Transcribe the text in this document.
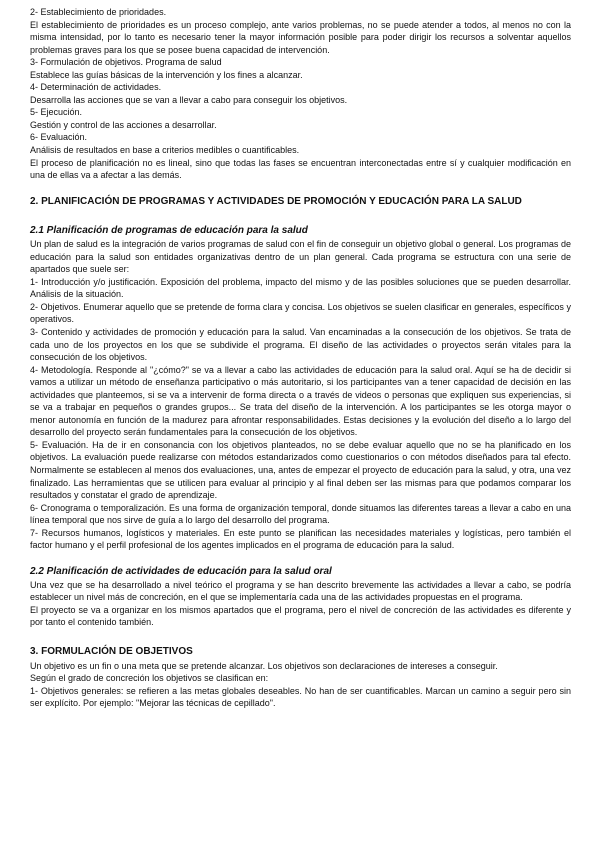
2- Establecimiento de prioridades.

El establecimiento de prioridades es un proceso complejo, ante varios problemas, no se puede atender a todos, al menos no con la misma intensidad, por lo tanto es necesario tener la mayor información posible para poder dirigir los recursos a solventar aquellos problemas graves para los que se posee buena capacidad de intervención.

3- Formulación de objetivos. Programa de salud

Establece las guías básicas de la intervención y los fines a alcanzar.

4- Determinación de actividades.

Desarrolla las acciones que se van a llevar a cabo para conseguir los objetivos.

5- Ejecución.

Gestión y control de las acciones a desarrollar.

6- Evaluación.

Análisis de resultados en base a criterios medibles o cuantificables.

El proceso de planificación no es lineal, sino que todas las fases se encuentran interconectadas entre sí y cualquier modificación en una de ellas va a afectar a las demás.

2. PLANIFICACIÓN DE PROGRAMAS Y ACTIVIDADES DE PROMOCIÓN Y EDUCACIÓN PARA LA SALUD
2.1 Planificación de programas de educación para la salud

Un plan de salud es la integración de varios programas de salud con el fin de conseguir un objetivo global o general. Los programas de educación para la salud son entidades organizativas dentro de un plan general. Cada programa se estructura con una serie de apartados que suele ser:

1- Introducción y/o justificación. Exposición del problema, impacto del mismo y de las posibles soluciones que se pueden desarrollar. Análisis de la situación.

2- Objetivos. Enumerar aquello que se pretende de forma clara y concisa. Los objetivos se suelen clasificar en generales, específicos y operativos.

3- Contenido y actividades de promoción y educación para la salud. Van encaminadas a la consecución de los objetivos. Se trata de cada uno de los proyectos en los que se subdivide el programa. El diseño de las actividades o proyectos serán vitales para la consecución de los objetivos.

4- Metodología. Responde al "¿cómo?" se va a llevar a cabo las actividades de educación para la salud oral. Aquí se ha de decidir si vamos a utilizar un método de enseñanza participativo o más autoritario, si los participantes van a tener capacidad de decisión en las actividades que planteemos, si se va a intervenir de forma directa o a través de videos o personas que expliquen sus experiencias, si se va a trabajar en pequeños o grandes grupos... Se trata del diseño de la intervención. A los participantes se les otorga mayor o menor autonomía en función de la madurez para afrontar responsabilidades. Estas decisiones y la evolución del diseño a lo largo del desarrollo del proyecto serán fundamentales para la consecución de los objetivos.

5- Evaluación. Ha de ir en consonancia con los objetivos planteados, no se debe evaluar aquello que no se ha planificado en los objetivos. La evaluación puede realizarse con métodos estandarizados como cuestionarios o con métodos diseñados para tal efecto. Normalmente se establecen al menos dos evaluaciones, una, antes de empezar el proyecto de educación para la salud, y otra, una vez finalizado. Las herramientas que se utilicen para evaluar al principio y al final deben ser las mismas para que podamos comparar los resultados y constatar el grado de aprendizaje.

6- Cronograma o temporalización. Es una forma de organización temporal, donde situamos las diferentes tareas a llevar a cabo en una línea temporal que nos sirve de guía a lo largo del desarrollo del programa.

7- Recursos humanos, logísticos y materiales. En este punto se planifican las necesidades materiales y logísticas, pero también el factor humano y el perfil profesional de los agentes implicados en el programa de educación para la salud.

2.2 Planificación de actividades de educación para la salud oral

Una vez que se ha desarrollado a nivel teórico el programa y se han descrito brevemente las actividades a llevar a cabo, se podría establecer un nivel más de concreción, en el que se implementaría cada una de las actividades propuestas en el programa.

El proyecto se va a organizar en los mismos apartados que el programa, pero el nivel de concreción de las actividades es diferente y por tanto el contenido también.

3. FORMULACIÓN DE OBJETIVOS

Un objetivo es un fin o una meta que se pretende alcanzar. Los objetivos son declaraciones de intereses a conseguir.

Según el grado de concreción los objetivos se clasifican en:

1- Objetivos generales: se refieren a las metas globales deseables. No han de ser cuantificables. Marcan un camino a seguir pero sin ser explícito. Por ejemplo: "Mejorar las técnicas de cepillado".
